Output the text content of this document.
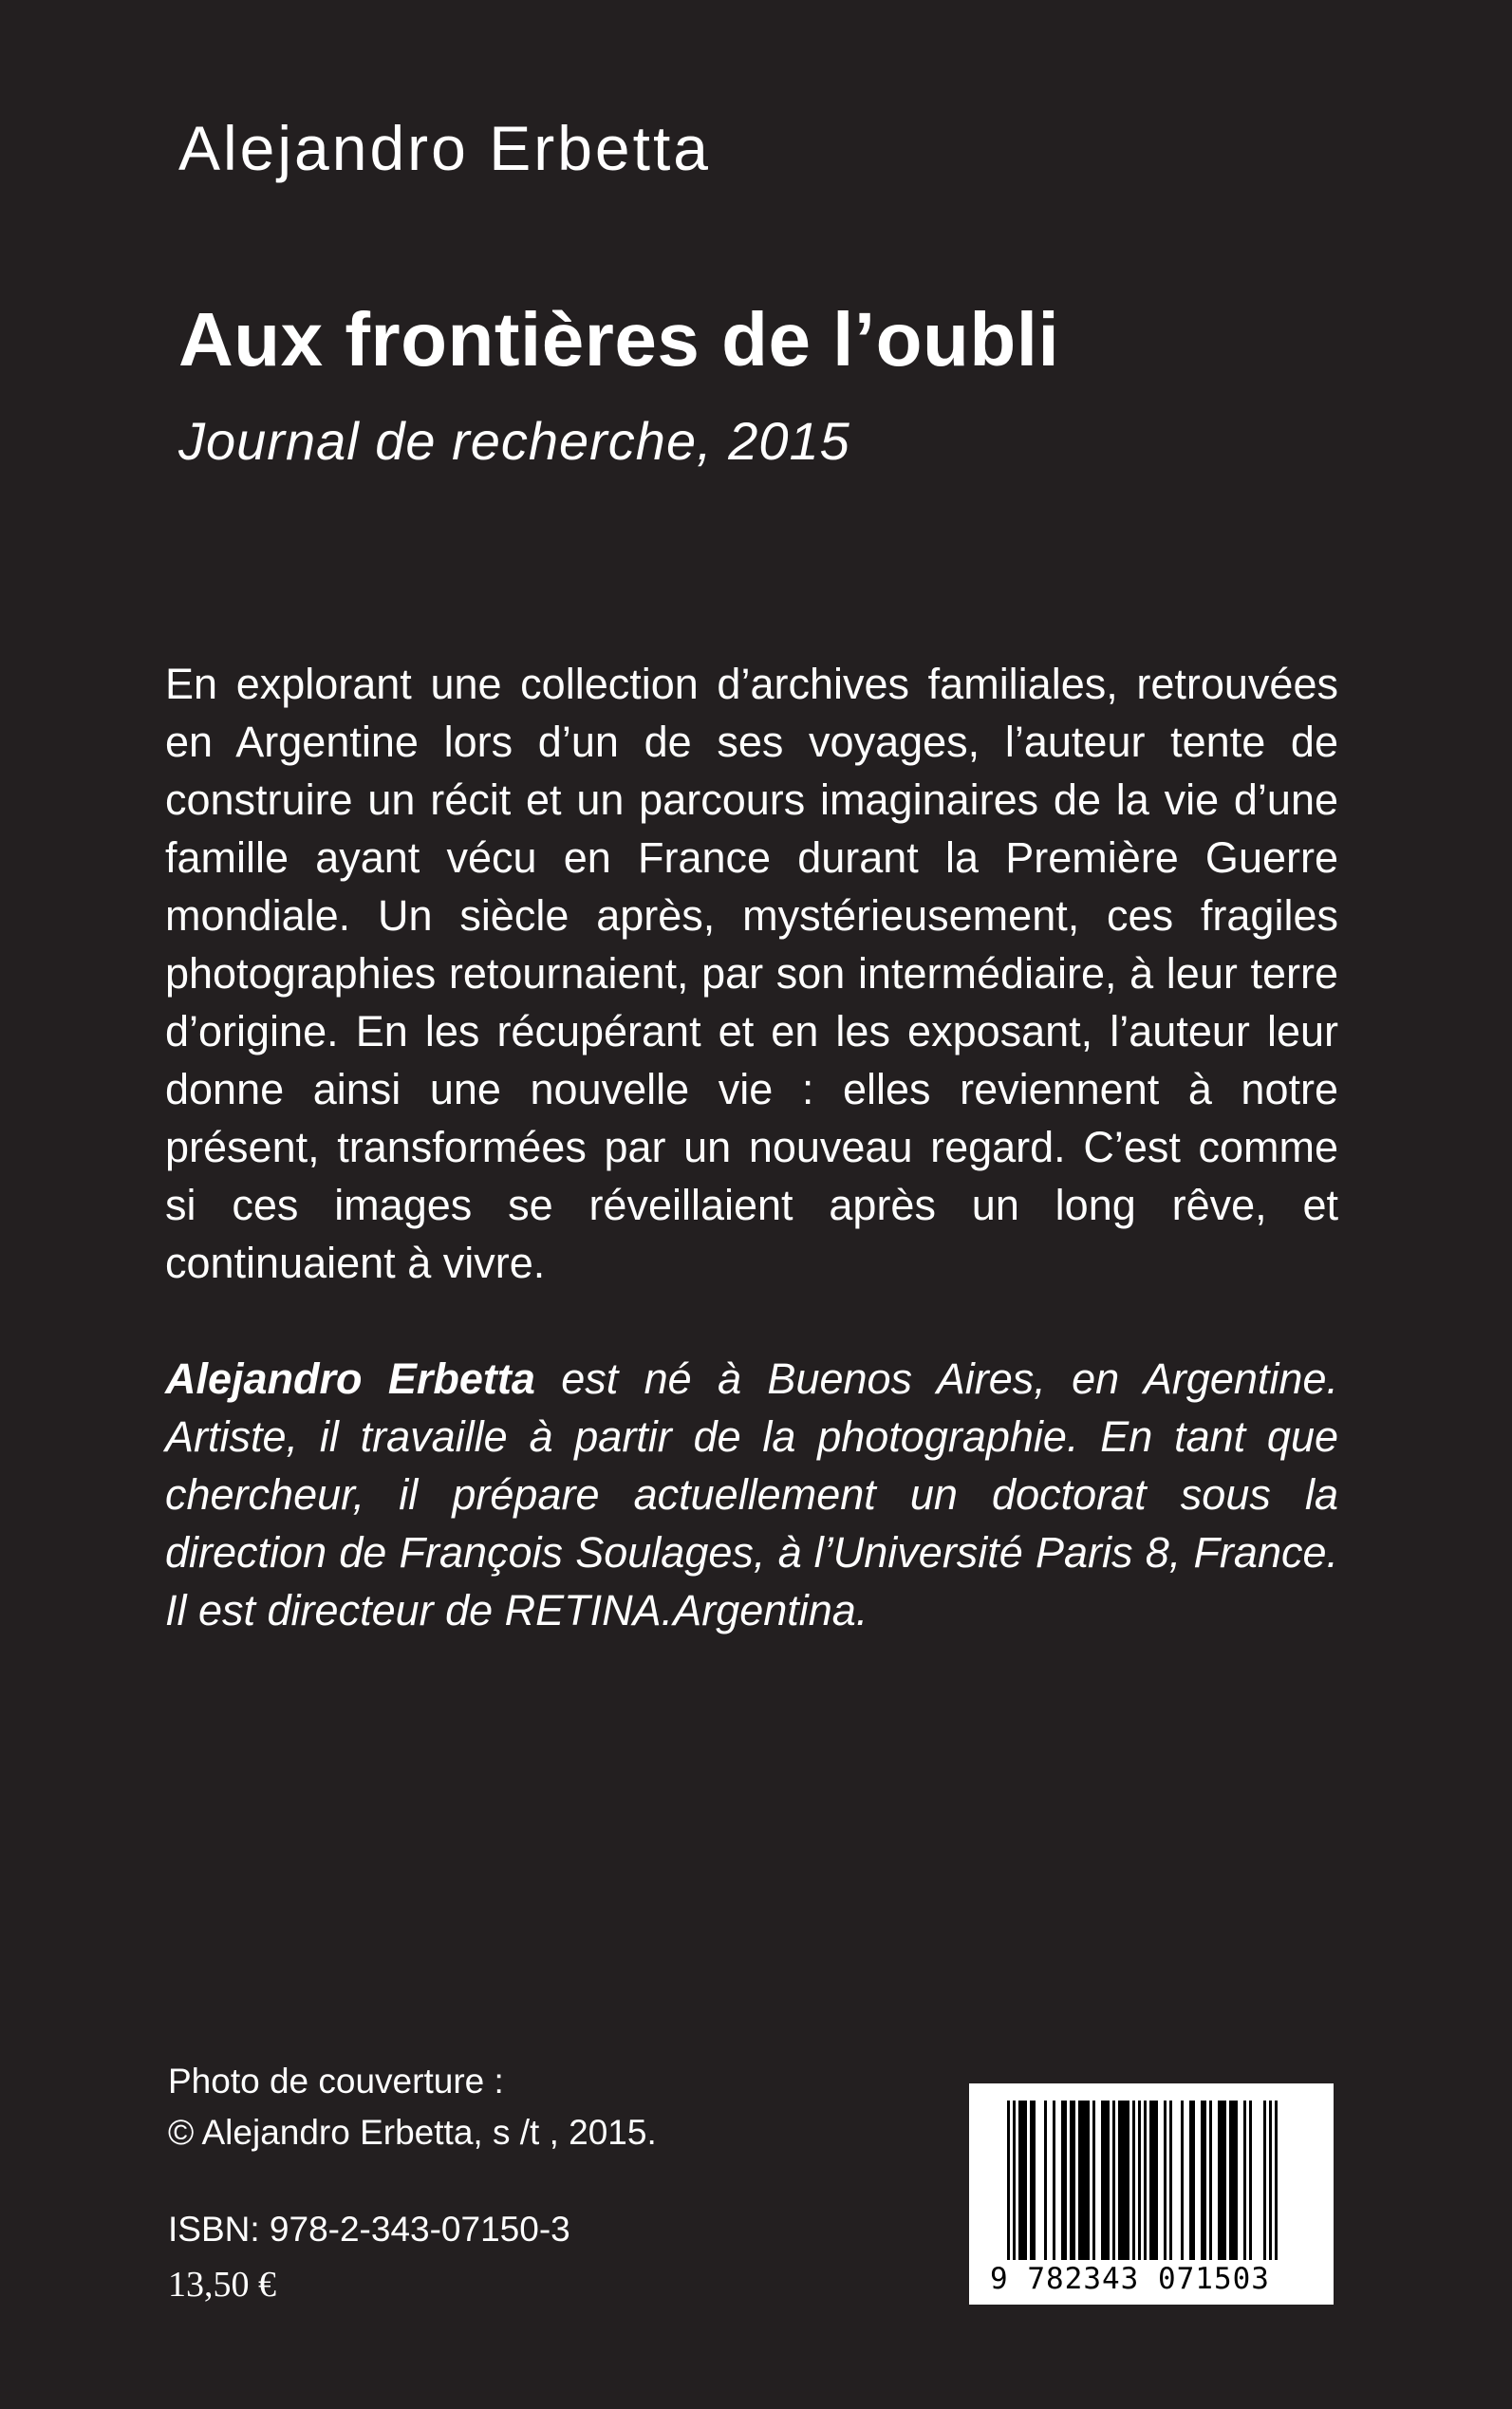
Alejandro Erbetta
Aux frontières de l’oubli
Journal de recherche, 2015

En explorant une collection d’archives familiales, retrouvées en Argentine lors d’un de ses voyages, l’auteur tente de construire un récit et un parcours imaginaires de la vie d’une famille ayant vécu en France durant la Première Guerre mondiale. Un siècle après, mystérieusement, ces fragiles photographies retournaient, par son intermédiaire, à leur terre d’origine. En les récupérant et en les exposant, l’auteur leur donne ainsi une nouvelle vie : elles reviennent à notre présent, transformées par un nouveau regard. C’est comme si ces images se réveillaient après un long rêve, et continuaient à vivre.

Alejandro Erbetta est né à Buenos Aires, en Argentine. Artiste, il travaille à partir de la photographie. En tant que chercheur, il prépare actuellement un doctorat sous la direction de François Soulages, à l’Université Paris 8, France. Il est directeur de RETINA.Argentina.

Photo de couverture :
© Alejandro Erbetta, s /t , 2015.
ISBN: 978-2-343-07150-3
13,50 €	9 782343 071503
